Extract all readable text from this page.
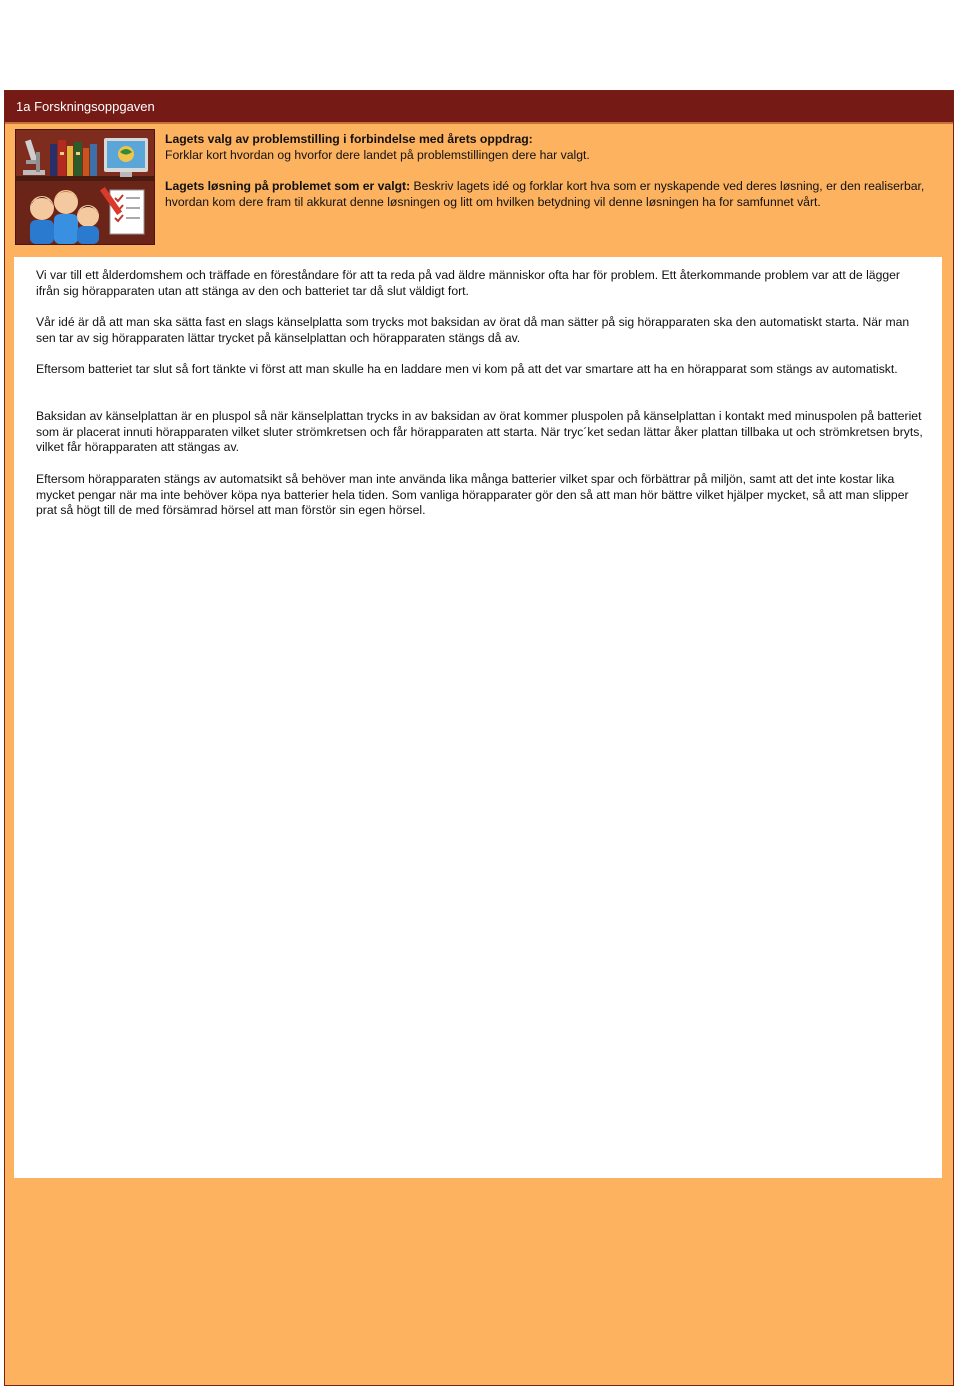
1a Forskningsoppgaven

Lagets valg av problemstilling i forbindelse med årets oppdrag:
Forklar kort hvordan og hvorfor dere landet på problemstillingen dere har valgt.

Lagets løsning på problemet som er valgt: Beskriv lagets idé og forklar kort hva som er nyskapende ved deres løsning, er den realiserbar, hvordan kom dere fram til akkurat denne løsningen og litt om hvilken betydning vil denne løsningen ha for samfunnet vårt.

Vi var till ett ålderdomshem och träffade en föreståndare för att ta reda på vad äldre människor ofta har för problem. Ett återkommande problem var att de lägger ifrån sig hörapparaten utan att stänga av den och batteriet tar då slut väldigt fort.

Vår idé är då att man ska sätta fast en slags känselplatta som trycks mot baksidan av örat då man sätter på sig hörapparaten ska den automatiskt starta. När man sen tar av sig hörapparaten lättar trycket på känselplattan och hörapparaten stängs då av.

Eftersom batteriet tar slut så fort tänkte vi först att man skulle ha en laddare men vi kom på att det var smartare att ha en hörapparat som stängs av automatiskt.

Baksidan av känselplattan är en pluspol så när känselplattan trycks in av baksidan av örat kommer pluspolen på känselplattan i kontakt med minuspolen på batteriet som är placerat innuti hörapparaten vilket sluter strömkretsen och får hörapparaten att starta. När tryc´ket sedan lättar åker plattan tillbaka ut och strömkretsen bryts, vilket får hörapparaten att stängas av.

Eftersom hörapparaten stängs av automatsikt så behöver man inte använda lika många batterier vilket spar och förbättrar på miljön, samt att det inte kostar lika mycket pengar när ma inte behöver köpa nya batterier hela tiden. Som vanliga hörapparater gör den så att man hör bättre vilket hjälper mycket, så att man slipper prat så högt till de med försämrad hörsel att man förstör sin egen hörsel.
